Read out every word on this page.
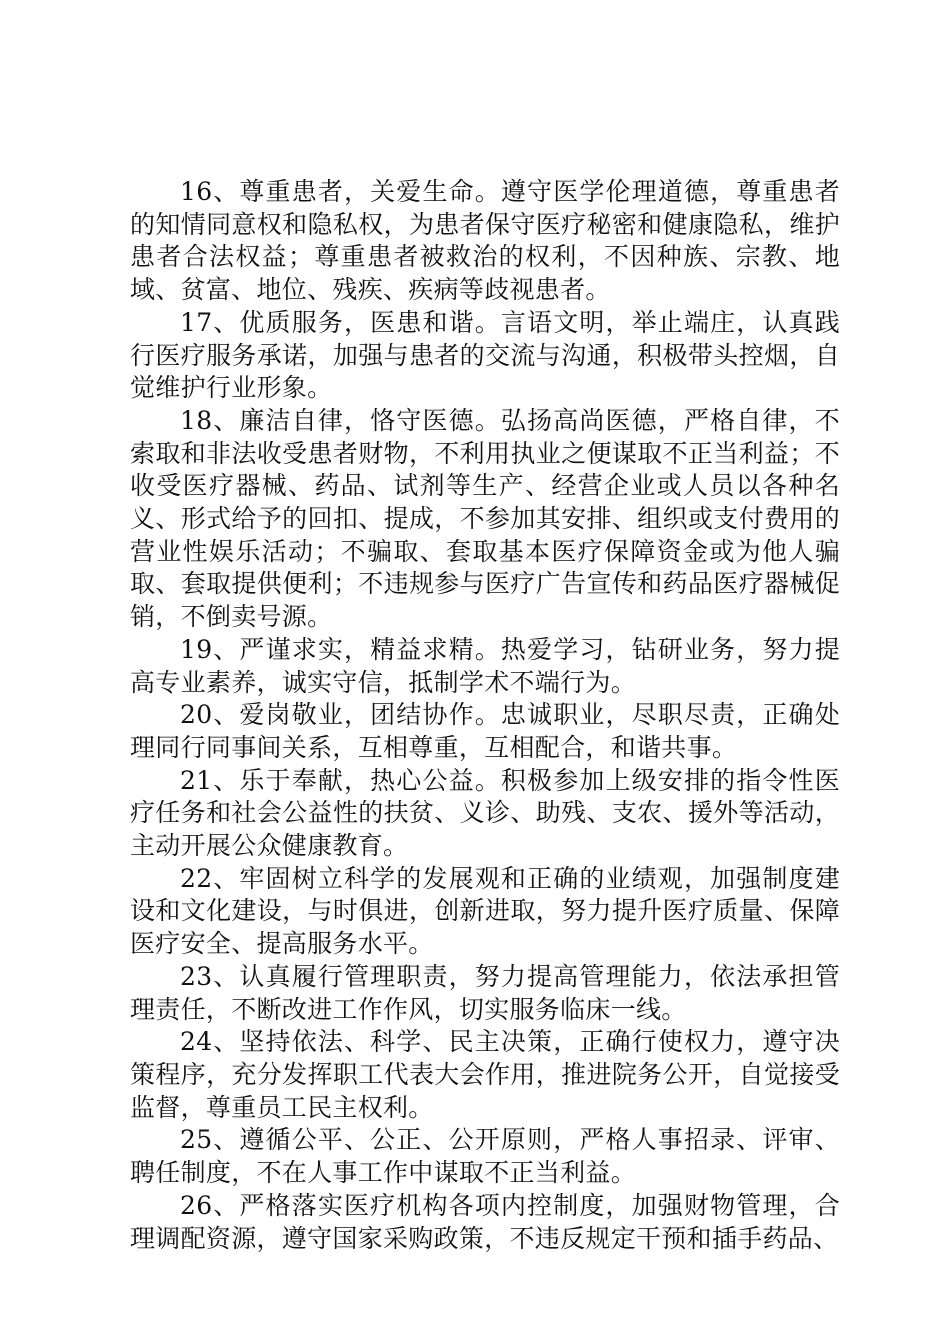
16、尊重患者，关爱生命。遵守医学伦理道德，尊重患者的知情同意权和隐私权，为患者保守医疗秘密和健康隐私，维护患者合法权益；尊重患者被救治的权利，不因种族、宗教、地域、贫富、地位、残疾、疾病等歧视患者。

17、优质服务，医患和谐。言语文明，举止端庄，认真践行医疗服务承诺，加强与患者的交流与沟通，积极带头控烟，自觉维护行业形象。

18、廉洁自律，恪守医德。弘扬高尚医德，严格自律，不索取和非法收受患者财物，不利用执业之便谋取不正当利益；不收受医疗器械、药品、试剂等生产、经营企业或人员以各种名义、形式给予的回扣、提成，不参加其安排、组织或支付费用的营业性娱乐活动；不骗取、套取基本医疗保障资金或为他人骗取、套取提供便利；不违规参与医疗广告宣传和药品医疗器械促销，不倒卖号源。

19、严谨求实，精益求精。热爱学习，钻研业务，努力提高专业素养，诚实守信，抵制学术不端行为。

20、爱岗敬业，团结协作。忠诚职业，尽职尽责，正确处理同行同事间关系，互相尊重，互相配合，和谐共事。

21、乐于奉献，热心公益。积极参加上级安排的指令性医疗任务和社会公益性的扶贫、义诊、助残、支农、援外等活动，主动开展公众健康教育。

22、牢固树立科学的发展观和正确的业绩观，加强制度建设和文化建设，与时俱进，创新进取，努力提升医疗质量、保障医疗安全、提高服务水平。

23、认真履行管理职责，努力提高管理能力，依法承担管理责任，不断改进工作作风，切实服务临床一线。

24、坚持依法、科学、民主决策，正确行使权力，遵守决策程序，充分发挥职工代表大会作用，推进院务公开，自觉接受监督，尊重员工民主权利。

25、遵循公平、公正、公开原则，严格人事招录、评审、聘任制度，不在人事工作中谋取不正当利益。

26、严格落实医疗机构各项内控制度，加强财物管理，合理调配资源，遵守国家采购政策，不违反规定干预和插手药品、
